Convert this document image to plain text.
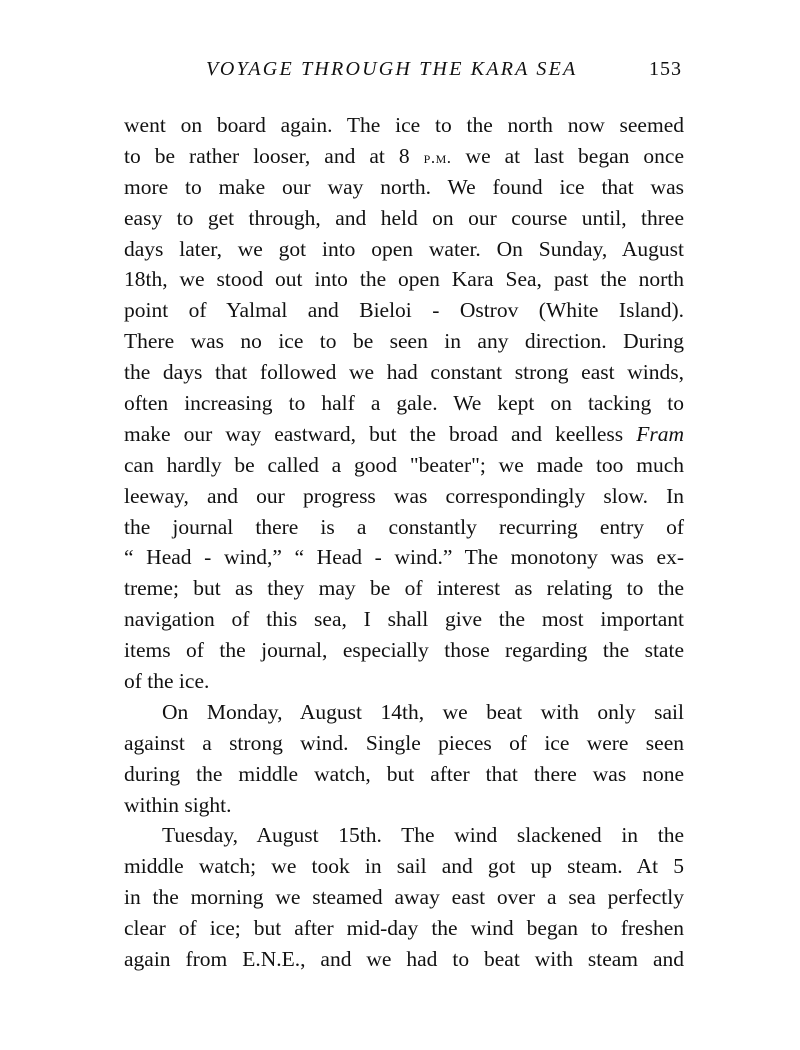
VOYAGE THROUGH THE KARA SEA	153
went on board again. The ice to the north now seemed
to be rather looser, and at 8 p.m. we at last began once
more to make our way north. We found ice that was
easy to get through, and held on our course until, three
days later, we got into open water. On Sunday, August
18th, we stood out into the open Kara Sea, past the north
point of Yalmal and Bieloi - Ostrov (White Island).
There was no ice to be seen in any direction. During
the days that followed we had constant strong east winds,
often increasing to half a gale. We kept on tacking to
make our way eastward, but the broad and keelless Fram
can hardly be called a good "beater"; we made too much
leeway, and our progress was correspondingly slow. In
the journal there is a constantly recurring entry of
“ Head - wind,” “ Head - wind.” The monotony was ex-
treme; but as they may be of interest as relating to the
navigation of this sea, I shall give the most important
items of the journal, especially those regarding the state
of the ice.
On Monday, August 14th, we beat with only sail
against a strong wind. Single pieces of ice were seen
during the middle watch, but after that there was none
within sight.
Tuesday, August 15th. The wind slackened in the
middle watch; we took in sail and got up steam. At 5
in the morning we steamed away east over a sea perfectly
clear of ice; but after mid-day the wind began to freshen
again from E.N.E., and we had to beat with steam and
